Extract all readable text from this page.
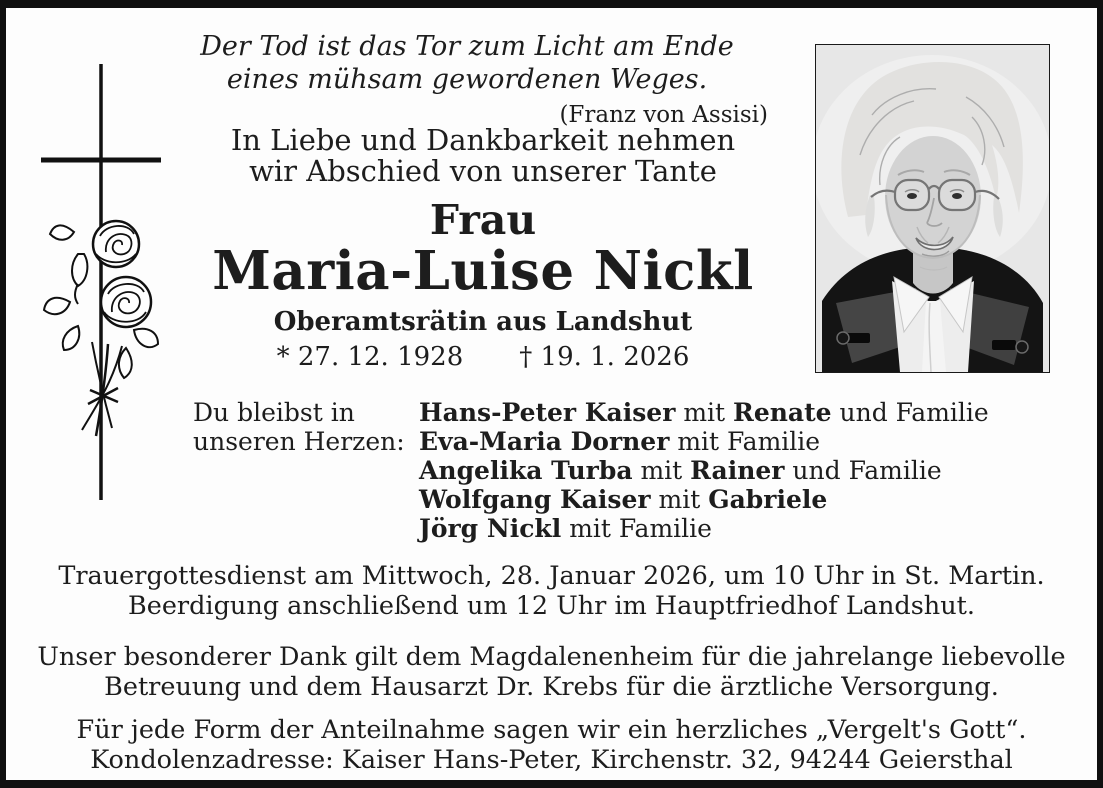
Der Tod ist das Tor zum Licht am Ende
eines mühsam gewordenen Weges.
(Franz von Assisi)
In Liebe und Dankbarkeit nehmen
wir Abschied von unserer Tante
Frau
Maria-Luise Nickl
Oberamtsrätin aus Landshut
* 27. 12. 1928 † 19. 1. 2026
Du bleibst in
unseren Herzen:
Hans-Peter Kaiser mit Renate und Familie
Eva-Maria Dorner mit Familie
Angelika Turba mit Rainer und Familie
Wolfgang Kaiser mit Gabriele
Jörg Nickl mit Familie

Trauergottesdienst am Mittwoch, 28. Januar 2026, um 10 Uhr in St. Martin.
Beerdigung anschließend um 12 Uhr im Hauptfriedhof Landshut.

Unser besonderer Dank gilt dem Magdalenenheim für die jahrelange liebevolle
Betreuung und dem Hausarzt Dr. Krebs für die ärztliche Versorgung.

Für jede Form der Anteilnahme sagen wir ein herzliches „Vergelt's Gott“.
Kondolenzadresse: Kaiser Hans-Peter, Kirchenstr. 32, 94244 Geiersthal
